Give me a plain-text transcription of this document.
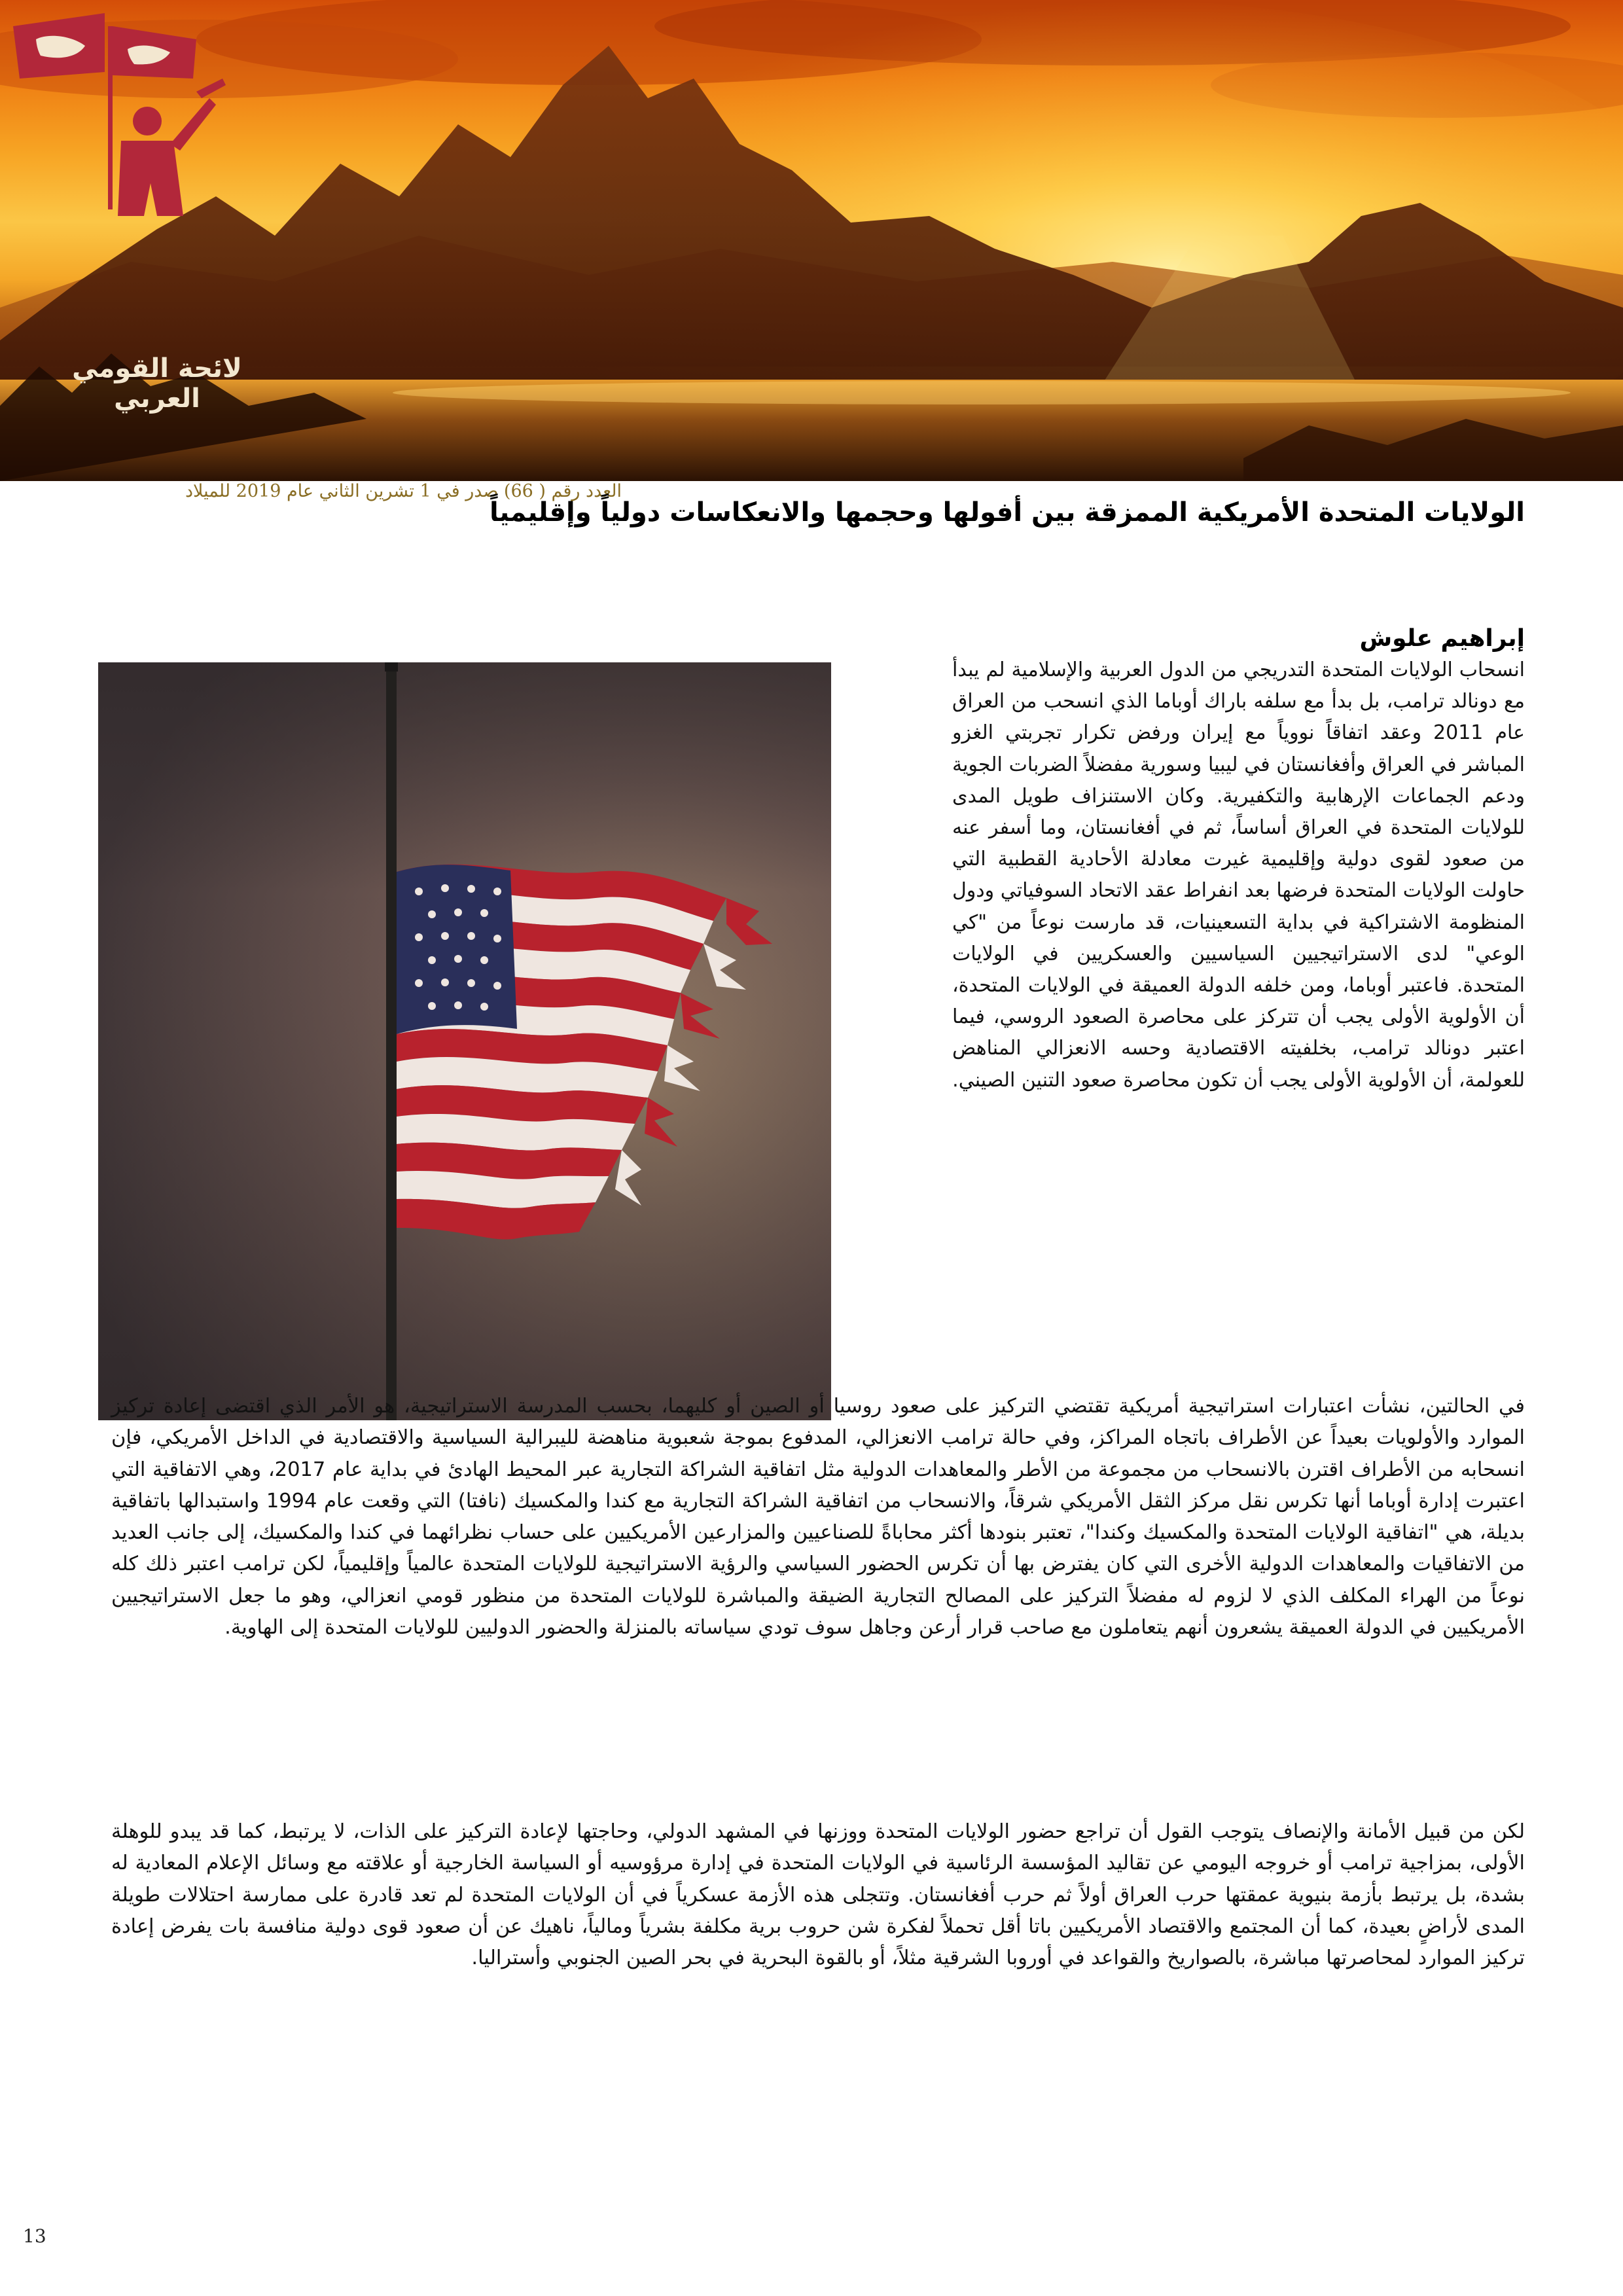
لائحة القومي العربي
العدد رقم ( 66) صدر في 1 تشرين الثاني عام 2019 للميلاد
الولايات المتحدة الأمريكية الممزقة بين أفولها وحجمها والانعكاسات دولياً وإقليمياً
إبراهيم علوش
انسحاب الولايات المتحدة التدريجي من الدول العربية والإسلامية لم يبدأ مع دونالد ترامب، بل بدأ مع سلفه باراك أوباما الذي انسحب من العراق عام 2011 وعقد اتفاقاً نووياً مع إيران ورفض تكرار تجربتي الغزو المباشر في العراق وأفغانستان في ليبيا وسورية مفضلاً الضربات الجوية ودعم الجماعات الإرهابية والتكفيرية. وكان الاستنزاف طويل المدى للولايات المتحدة في العراق أساساً، ثم في أفغانستان، وما أسفر عنه من صعود لقوى دولية وإقليمية غيرت معادلة الأحادية القطبية التي حاولت الولايات المتحدة فرضها بعد انفراط عقد الاتحاد السوفياتي ودول المنظومة الاشتراكية في بداية التسعينيات، قد مارست نوعاً من "كي الوعي" لدى الاستراتيجيين السياسيين والعسكريين في الولايات المتحدة. فاعتبر أوباما، ومن خلفه الدولة العميقة في الولايات المتحدة، أن الأولوية الأولى يجب أن تتركز على محاصرة الصعود الروسي، فيما اعتبر دونالد ترامب، بخلفيته الاقتصادية وحسه الانعزالي المناهض للعولمة، أن الأولوية الأولى يجب أن تكون محاصرة صعود التنين الصيني.
في الحالتين، نشأت اعتبارات استراتيجية أمريكية تقتضي التركيز على صعود روسيا أو الصين أو كليهما، بحسب المدرسة الاستراتيجية، هو الأمر الذي اقتضى إعادة تركيز الموارد والأولويات بعيداً عن الأطراف باتجاه المراكز، وفي حالة ترامب الانعزالي، المدفوع بموجة شعبوية مناهضة لليبرالية السياسية والاقتصادية في الداخل الأمريكي، فإن انسحابه من الأطراف اقترن بالانسحاب من مجموعة من الأطر والمعاهدات الدولية مثل اتفاقية الشراكة التجارية عبر المحيط الهادئ في بداية عام 2017، وهي الاتفاقية التي اعتبرت إدارة أوباما أنها تكرس نقل مركز الثقل الأمريكي شرقاً، والانسحاب من اتفاقية الشراكة التجارية مع كندا والمكسيك (نافتا) التي وقعت عام 1994 واستبدالها باتفاقية بديلة، هي "اتفاقية الولايات المتحدة والمكسيك وكندا"، تعتبر بنودها أكثر محاباةً للصناعيين والمزارعين الأمريكيين على حساب نظرائهما في كندا والمكسيك، إلى جانب العديد من الاتفاقيات والمعاهدات الدولية الأخرى التي كان يفترض بها أن تكرس الحضور السياسي والرؤية الاستراتيجية للولايات المتحدة عالمياً وإقليمياً، لكن ترامب اعتبر ذلك كله نوعاً من الهراء المكلف الذي لا لزوم له مفضلاً التركيز على المصالح التجارية الضيقة والمباشرة للولايات المتحدة من منظور قومي انعزالي، وهو ما جعل الاستراتيجيين الأمريكيين في الدولة العميقة يشعرون أنهم يتعاملون مع صاحب قرار أرعن وجاهل سوف تودي سياساته بالمنزلة والحضور الدوليين للولايات المتحدة إلى الهاوية.
لكن من قبيل الأمانة والإنصاف يتوجب القول أن تراجع حضور الولايات المتحدة ووزنها في المشهد الدولي، وحاجتها لإعادة التركيز على الذات، لا يرتبط، كما قد يبدو للوهلة الأولى، بمزاجية ترامب أو خروجه اليومي عن تقاليد المؤسسة الرئاسية في الولايات المتحدة في إدارة مرؤوسيه أو السياسة الخارجية أو علاقته مع وسائل الإعلام المعادية له بشدة، بل يرتبط بأزمة بنيوية عمقتها حرب العراق أولاً ثم حرب أفغانستان. وتتجلى هذه الأزمة عسكرياً في أن الولايات المتحدة لم تعد قادرة على ممارسة احتلالات طويلة المدى لأراضٍ بعيدة، كما أن المجتمع والاقتصاد الأمريكيين باتا أقل تحملاً لفكرة شن حروب برية مكلفة بشرياً ومالياً، ناهيك عن أن صعود قوى دولية منافسة بات يفرض إعادة تركيز الموارد لمحاصرتها مباشرة، بالصواريخ والقواعد في أوروبا الشرقية مثلاً، أو بالقوة البحرية في بحر الصين الجنوبي وأستراليا.
13
